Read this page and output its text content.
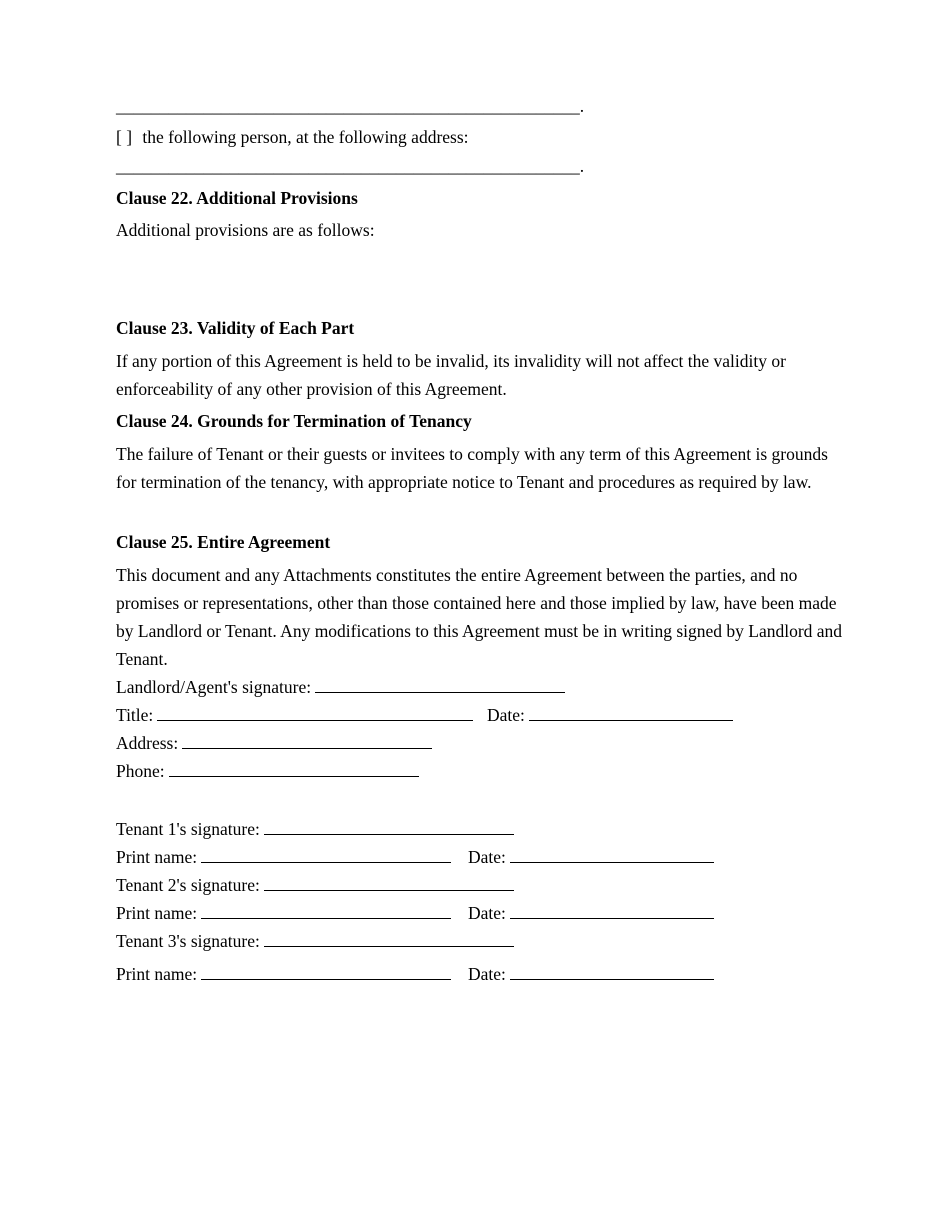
_____________________________________________________.
[ ] the following person, at the following address:
_____________________________________________________.
Clause 22. Additional Provisions
Additional provisions are as follows:
Clause 23. Validity of Each Part
If any portion of this Agreement is held to be invalid, its invalidity will not affect the validity or enforceability of any other provision of this Agreement.
Clause 24. Grounds for Termination of Tenancy
The failure of Tenant or their guests or invitees to comply with any term of this Agreement is grounds for termination of the tenancy, with appropriate notice to Tenant and procedures as required by law.
Clause 25. Entire Agreement
This document and any Attachments constitutes the entire Agreement between the parties, and no promises or representations, other than those contained here and those implied by law, have been made by Landlord or Tenant. Any modifications to this Agreement must be in writing signed by Landlord and Tenant.
Landlord/Agent's signature:
Title:	Date:
Address:
Phone:
Tenant 1's signature:
Print name:	Date:
Tenant 2's signature:
Print name:	Date:
Tenant 3's signature:
Print name:	Date:
